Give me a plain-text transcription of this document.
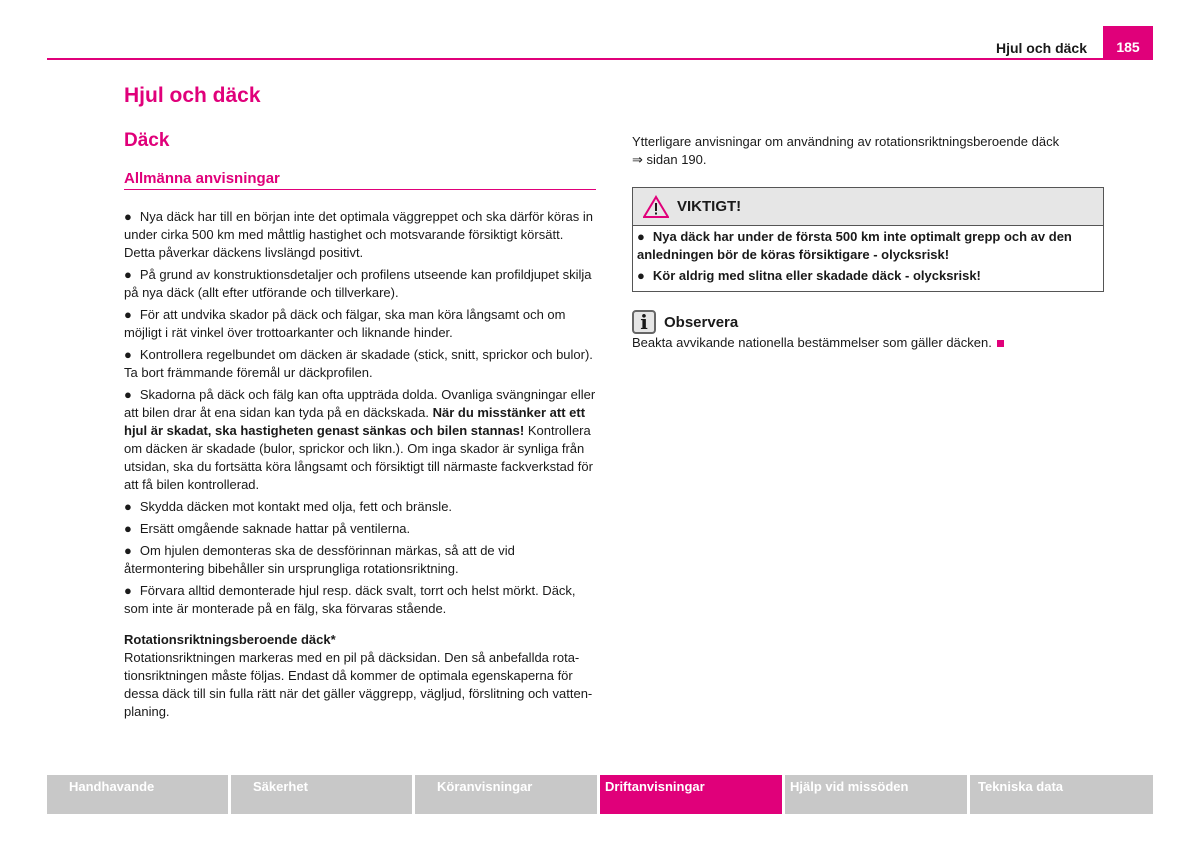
Hjul och däck	185
Hjul och däck
Däck
Allmänna anvisningar

● Nya däck har till en början inte det optimala väggreppet och ska därför köras in under cirka 500 km med måttlig hastighet och motsvarande försiktigt körsätt. Detta påverkar däckens livslängd positivt.

● På grund av konstruktionsdetaljer och profilens utseende kan profildjupet skilja på nya däck (allt efter utförande och tillverkare).

● För att undvika skador på däck och fälgar, ska man köra långsamt och om möjligt i rät vinkel över trottoarkanter och liknande hinder.

● Kontrollera regelbundet om däcken är skadade (stick, snitt, sprickor och bulor). Ta bort främmande föremål ur däckprofilen.

● Skadorna på däck och fälg kan ofta uppträda dolda. Ovanliga svängningar eller att bilen drar åt ena sidan kan tyda på en däckskada. När du misstänker att ett hjul är skadat, ska hastigheten genast sänkas och bilen stannas! Kontrollera om däcken är skadade (bulor, sprickor och likn.). Om inga skador är synliga från utsidan, ska du fortsätta köra långsamt och försiktigt till närmaste fackverkstad för att få bilen kontrollerad.

● Skydda däcken mot kontakt med olja, fett och bränsle.

● Ersätt omgående saknade hattar på ventilerna.

● Om hjulen demonteras ska de dessförinnan märkas, så att de vid återmontering bibehåller sin ursprungliga rotationsriktning.

● Förvara alltid demonterade hjul resp. däck svalt, torrt och helst mörkt. Däck, som inte är monterade på en fälg, ska förvaras stående.

Rotationsriktningsberoende däck*

Rotationsriktningen markeras med en pil på däcksidan. Den så anbefallda rota-tionsriktningen måste följas. Endast då kommer de optimala egenskaperna för dessa däck till sin fulla rätt när det gäller väggrepp, vägljud, förslitning och vatten-planing.

Ytterligare anvisningar om användning av rotationsriktningsberoende däck
⇒ sidan 190.

VIKTIGT!

● Nya däck har under de första 500 km inte optimalt grepp och av den anledningen bör de köras försiktigare - olycksrisk!

● Kör aldrig med slitna eller skadade däck - olycksrisk!

i	Observera

Beakta avvikande nationella bestämmelser som gäller däcken.

Handhavande	Säkerhet	Köranvisningar	Driftanvisningar	Hjälp vid missöden	Tekniska data
